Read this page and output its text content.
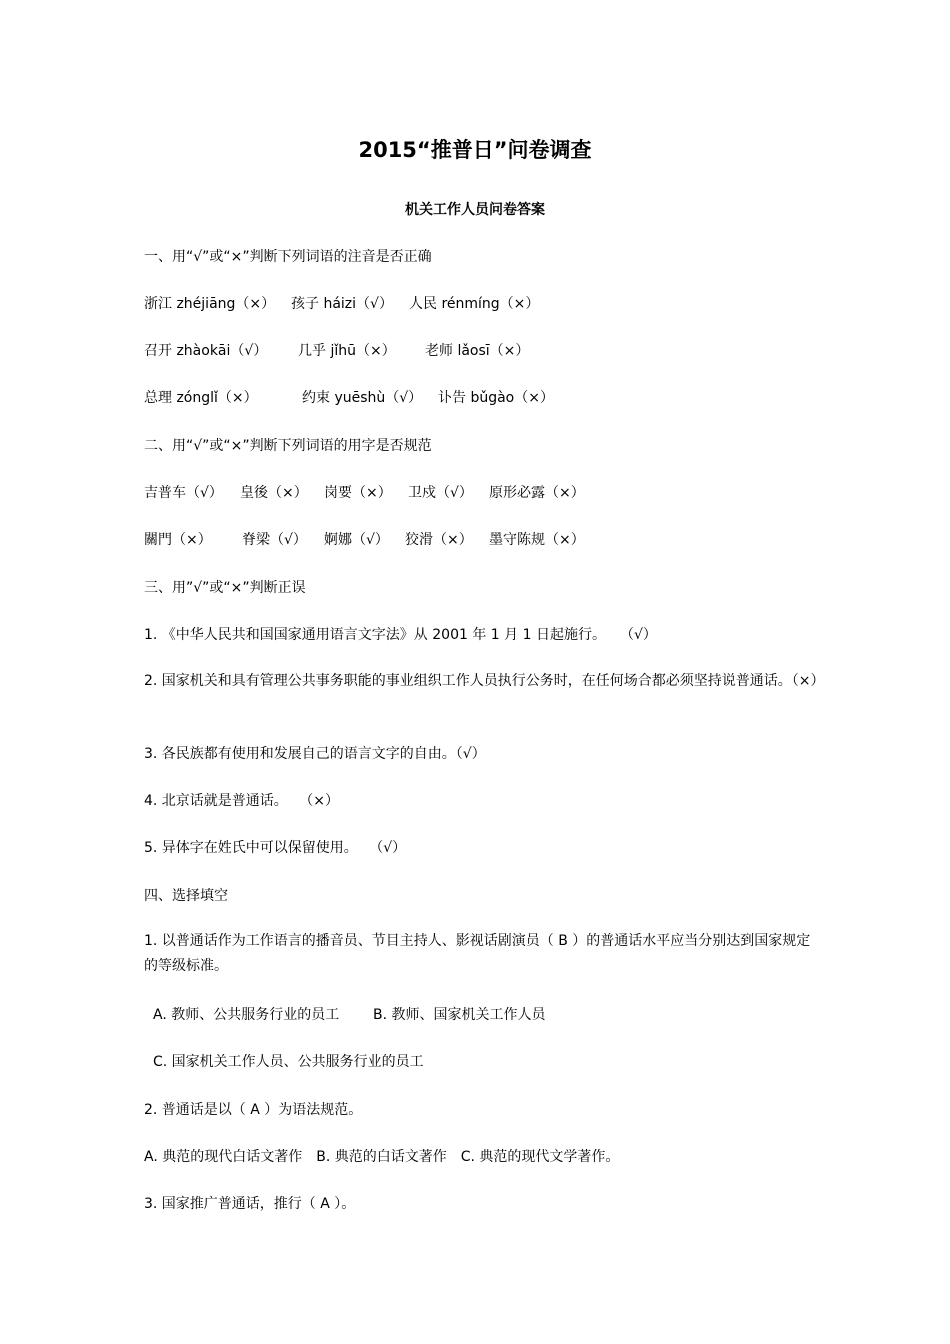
2015“推普日”问卷调查
机关工作人员问卷答案
一、用“√”或“×”判断下列词语的注音是否正确
浙江 zhéjiāng（×） 孩子 háizi（√） 人民 rénmíng（×）
召开 zhàokāi（√） 几乎 jǐhū（×） 老师 lǎosī（×）
总理 zónglǐ（×）	约束 yuēshù（√） 讣告 bǔgào（×）
二、用“√”或“×”判断下列词语的用字是否规范
吉普车（√） 皇後（×） 岗要（×） 卫戍（√） 原形必露（×）
關門（×） 脊梁（√） 婀娜（√） 狡滑（×） 墨守陈规（×）
三、用”√”或“×”判断正误
1. 《中华人民共和国国家通用语言文字法》从 2001 年 1 月 1 日起施行。　　（√）
2. 国家机关和具有管理公共事务职能的事业组织工作人员执行公务时，在任何场合都必须坚持说普通话。（×）
3. 各民族都有使用和发展自己的语言文字的自由。（√）
4. 北京话就是普通话。　 （×）
5. 异体字在姓氏中可以保留使用。　 （√）
四、选择填空
1. 以普通话作为工作语言的播音员、节目主持人、影视话剧演员（ B ）的普通话水平应当分别达到国家规定的等级标准。
A. 教师、公共服务行业的员工 B. 教师、国家机关工作人员
C. 国家机关工作人员、公共服务行业的员工
2. 普通话是以（ A ）为语法规范。
A. 典范的现代白话文著作　B. 典范的白话文著作　C. 典范的现代文学著作。
3. 国家推广普通话，推行（ A ）。
